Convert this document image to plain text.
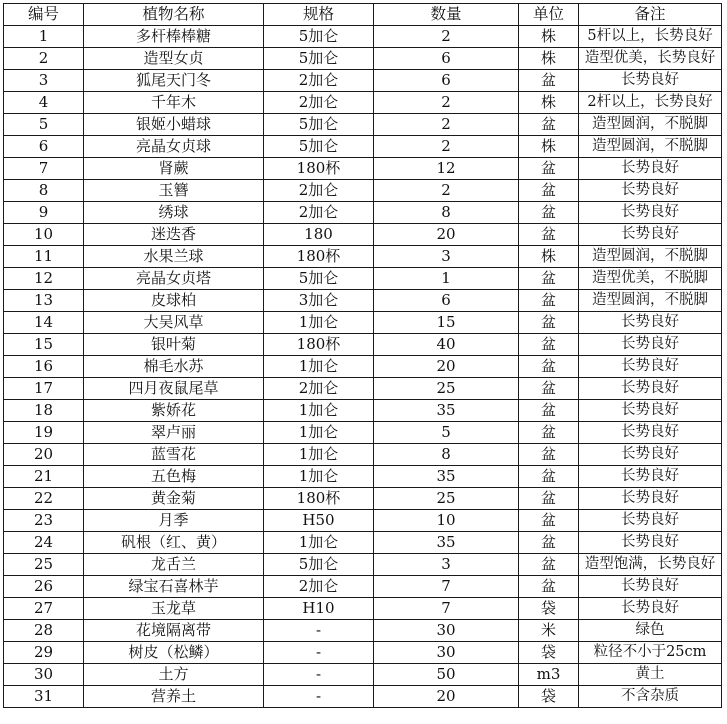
编号	植物名称	规格	数量	单位	备注
1	多杆棒棒糖	5加仑	2	株	5杆以上，长势良好
2	造型女贞	5加仑	6	株	造型优美，长势良好
3	狐尾天门冬	2加仑	6	盆	长势良好
4	千年木	2加仑	2	株	2杆以上，长势良好
5	银姬小蜡球	5加仑	2	盆	造型圆润，不脱脚
6	亮晶女贞球	5加仑	2	株	造型圆润，不脱脚
7	肾蕨	180杯	12	盆	长势良好
8	玉簪	2加仑	2	盆	长势良好
9	绣球	2加仑	8	盆	长势良好
10	迷迭香	180	20	盆	长势良好
11	水果兰球	180杯	3	株	造型圆润，不脱脚
12	亮晶女贞塔	5加仑	1	盆	造型优美，不脱脚
13	皮球柏	3加仑	6	盆	造型圆润，不脱脚
14	大吴风草	1加仑	15	盆	长势良好
15	银叶菊	180杯	40	盆	长势良好
16	棉毛水苏	1加仑	20	盆	长势良好
17	四月夜鼠尾草	2加仑	25	盆	长势良好
18	紫娇花	1加仑	35	盆	长势良好
19	翠卢丽	1加仑	5	盆	长势良好
20	蓝雪花	1加仑	8	盆	长势良好
21	五色梅	1加仑	35	盆	长势良好
22	黄金菊	180杯	25	盆	长势良好
23	月季	H50	10	盆	长势良好
24	矾根（红、黄）	1加仑	35	盆	长势良好
25	龙舌兰	5加仑	3	盆	造型饱满，长势良好
26	绿宝石喜林芋	2加仑	7	盆	长势良好
27	玉龙草	H10	7	袋	长势良好
28	花境隔离带	-	30	米	绿色
29	树皮（松鳞）	-	30	袋	粒径不小于25cm
30	土方	-	50	m3	黄土
31	营养土	-	20	袋	不含杂质
